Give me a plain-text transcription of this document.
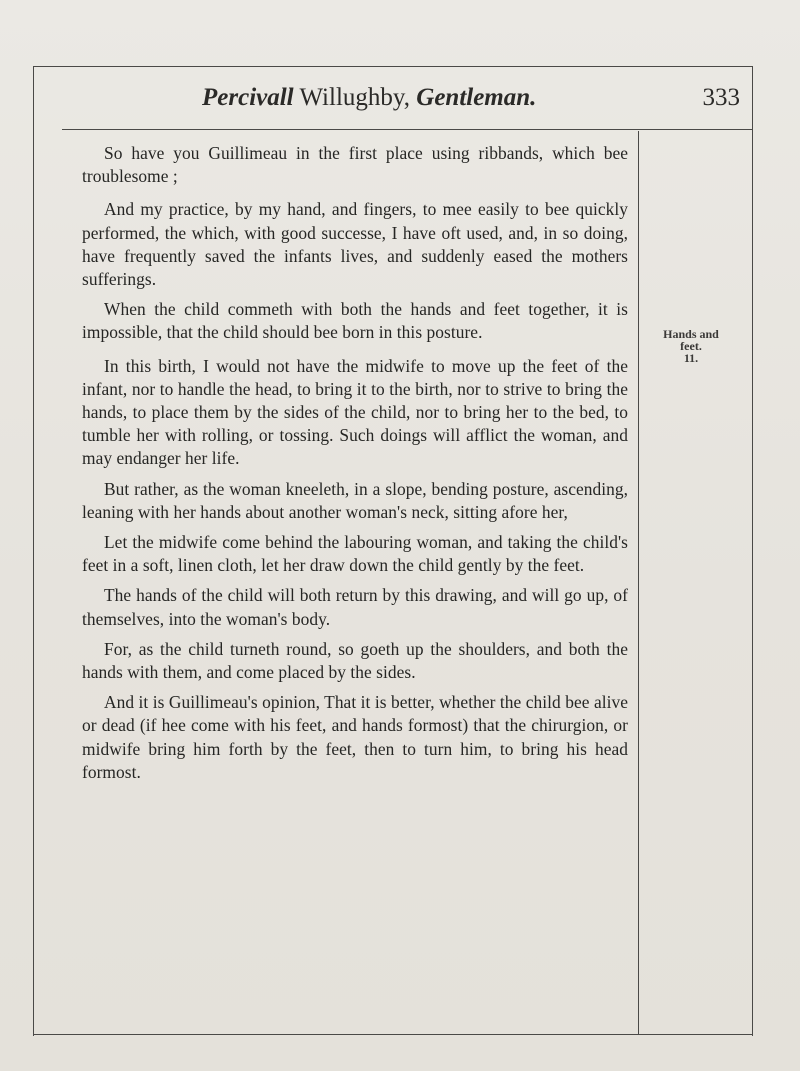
Percivall Willughby, Gentleman.	333

So have you Guillimeau in the first place using ribbands, which bee troublesome ;

And my practice, by my hand, and fingers, to mee easily to bee quickly performed, the which, with good successe, I have oft used, and, in so doing, have frequently saved the infants lives, and suddenly eased the mothers sufferings.

When the child commeth with both the hands and feet together, it is impossible, that the child should bee born in this posture.

In this birth, I would not have the midwife to move up the feet of the infant, nor to handle the head, to bring it to the birth, nor to strive to bring the hands, to place them by the sides of the child, nor to bring her to the bed, to tumble her with rolling, or tossing. Such doings will afflict the woman, and may endanger her life.

But rather, as the woman kneeleth, in a slope, bending posture, ascending, leaning with her hands about another woman's neck, sitting afore her,

Let the midwife come behind the labouring woman, and taking the child's feet in a soft, linen cloth, let her draw down the child gently by the feet.

The hands of the child will both return by this drawing, and will go up, of themselves, into the woman's body.

For, as the child turneth round, so goeth up the shoulders, and both the hands with them, and come placed by the sides.

And it is Guillimeau's opinion, That it is better, whether the child bee alive or dead (if hee come with his feet, and hands formost) that the chirurgion, or midwife bring him forth by the feet, then to turn him, to bring his head formost.

Hands and
feet.
11.
